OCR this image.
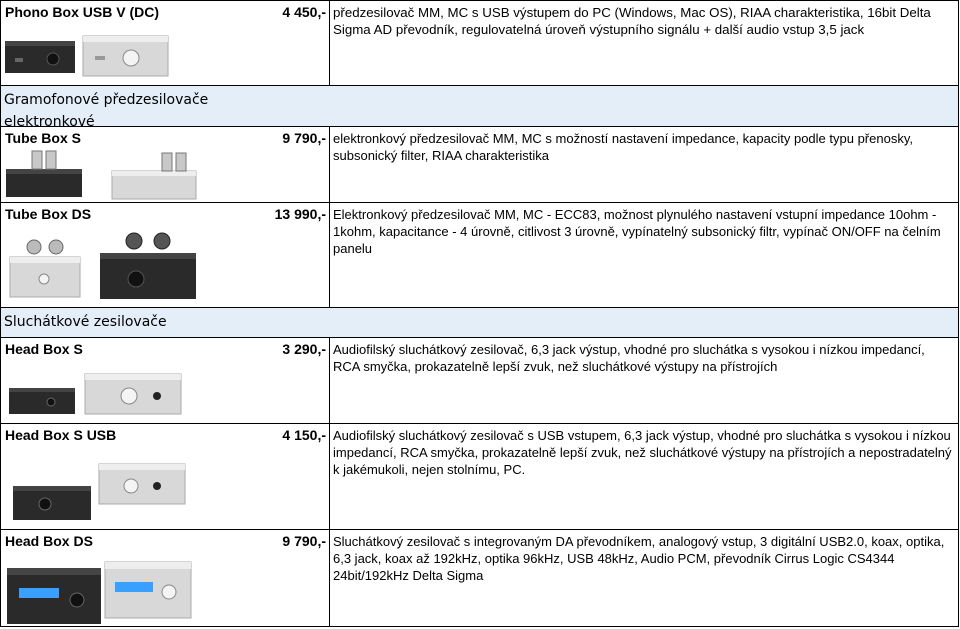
Phono Box USB V (DC)	4 450,- předzesilovač MM, MC s USB výstupem do PC (Windows, Mac OS), RIAA charakteristika, 16bit Delta Sigma AD převodník, regulovatelná úroveň výstupního signálu + další audio vstup 3,5 jack
Gramofonové předzesilovače elektronkové
Tube Box S	9 790,- elektronkový předzesilovač MM, MC s možností nastavení impedance, kapacity podle typu přenosky, subsonický filter, RIAA charakteristika
Tube Box DS	13 990,- Elektronkový předzesilovač MM, MC - ECC83, možnost plynulého nastavení vstupní impedance 10ohm - 1kohm, kapacitance - 4 úrovně, citlivost 3 úrovně, vypínatelný subsonický filtr, vypínač ON/OFF na čelním panelu
Sluchátkové zesilovače
Head Box S	3 290,- Audiofilský sluchátkový zesilovač, 6,3 jack výstup, vhodné pro sluchátka s vysokou i nízkou impedancí, RCA smyčka, prokazatelně lepší zvuk, než sluchátkové výstupy na přístrojích
Head Box S USB	4 150,- Audiofilský sluchátkový zesilovač s USB vstupem, 6,3 jack výstup, vhodné pro sluchátka s vysokou i nízkou impedancí, RCA smyčka, prokazatelně lepší zvuk, než sluchátkové výstupy na přístrojích a nepostradatelný k jakémukoli, nejen stolnímu, PC.
Head Box DS	9 790,- Sluchátkový zesilovač s integrovaným DA převodníkem, analogový vstup, 3 digitální USB2.0, koax, optika, 6,3 jack, koax až 192kHz, optika 96kHz, USB 48kHz, Audio PCM, převodník Cirrus Logic CS4344 24bit/192kHz Delta Sigma
